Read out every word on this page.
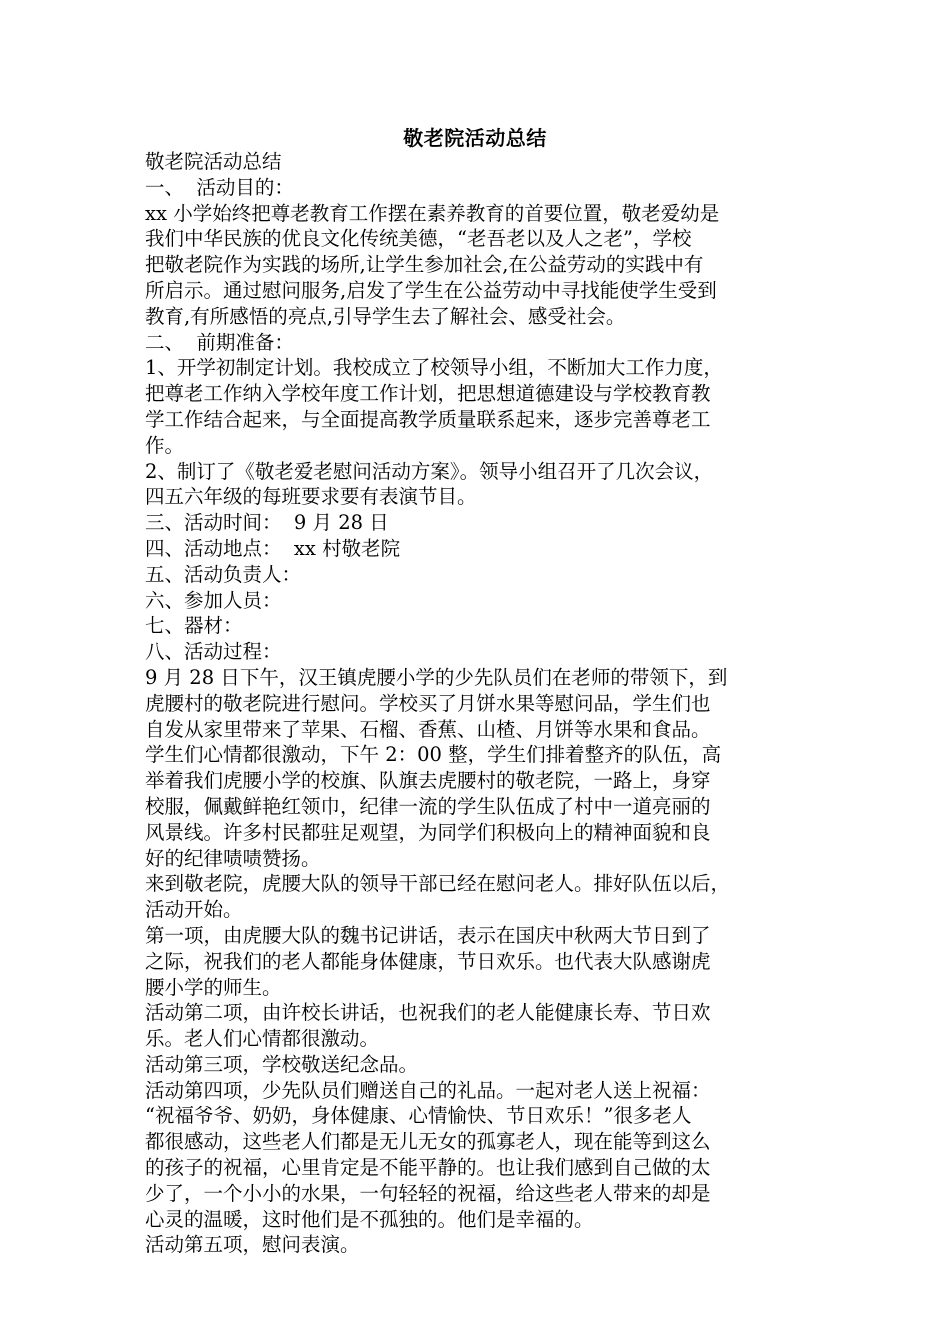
敬老院活动总结
敬老院活动总结
一、  活动目的：
xx 小学始终把尊老教育工作摆在素养教育的首要位置，敬老爱幼是
我们中华民族的优良文化传统美德，“老吾老以及人之老”，学校
把敬老院作为实践的场所,让学生参加社会,在公益劳动的实践中有
所启示。通过慰问服务,启发了学生在公益劳动中寻找能使学生受到
教育,有所感悟的亮点,引导学生去了解社会、感受社会。
二、  前期准备：
1、开学初制定计划。我校成立了校领导小组，不断加大工作力度，
把尊老工作纳入学校年度工作计划，把思想道德建设与学校教育教
学工作结合起来，与全面提高教学质量联系起来，逐步完善尊老工
作。
2、制订了《敬老爱老慰问活动方案》。领导小组召开了几次会议，
四五六年级的每班要求要有表演节目。
三、活动时间：  9 月 28 日
四、活动地点：  xx 村敬老院
五、活动负责人：
六、参加人员：
七、器材：
八、活动过程：
9 月 28 日下午，汉王镇虎腰小学的少先队员们在老师的带领下，到
虎腰村的敬老院进行慰问。学校买了月饼水果等慰问品，学生们也
自发从家里带来了苹果、石榴、香蕉、山楂、月饼等水果和食品。
学生们心情都很激动，下午 2：00 整，学生们排着整齐的队伍，高
举着我们虎腰小学的校旗、队旗去虎腰村的敬老院，一路上，身穿
校服，佩戴鲜艳红领巾，纪律一流的学生队伍成了村中一道亮丽的
风景线。许多村民都驻足观望，为同学们积极向上的精神面貌和良
好的纪律啧啧赞扬。
来到敬老院，虎腰大队的领导干部已经在慰问老人。排好队伍以后，
活动开始。
第一项，由虎腰大队的魏书记讲话，表示在国庆中秋两大节日到了
之际，祝我们的老人都能身体健康，节日欢乐。也代表大队感谢虎
腰小学的师生。
活动第二项，由许校长讲话，也祝我们的老人能健康长寿、节日欢
乐。老人们心情都很激动。
活动第三项，学校敬送纪念品。
活动第四项，少先队员们赠送自己的礼品。一起对老人送上祝福：
“祝福爷爷、奶奶，身体健康、心情愉快、节日欢乐！”很多老人
都很感动，这些老人们都是无儿无女的孤寡老人，现在能等到这么
的孩子的祝福，心里肯定是不能平静的。也让我们感到自己做的太
少了，一个小小的水果，一句轻轻的祝福，给这些老人带来的却是
心灵的温暖，这时他们是不孤独的。他们是幸福的。
活动第五项，慰问表演。
